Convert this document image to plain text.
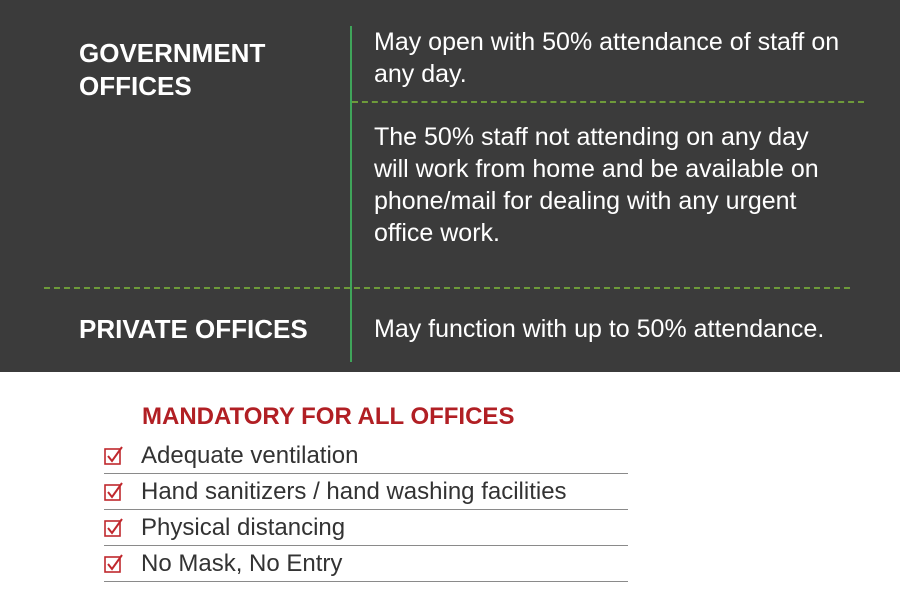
GOVERNMENT OFFICES
May open with 50% attendance of staff on any day.
The 50% staff not attending on any day will work from home and be available on phone/mail for dealing with any urgent office work.
PRIVATE OFFICES	May function with up to 50% attendance.
MANDATORY FOR ALL OFFICES
Adequate ventilation
Hand sanitizers / hand washing facilities
Physical distancing
No Mask, No Entry
